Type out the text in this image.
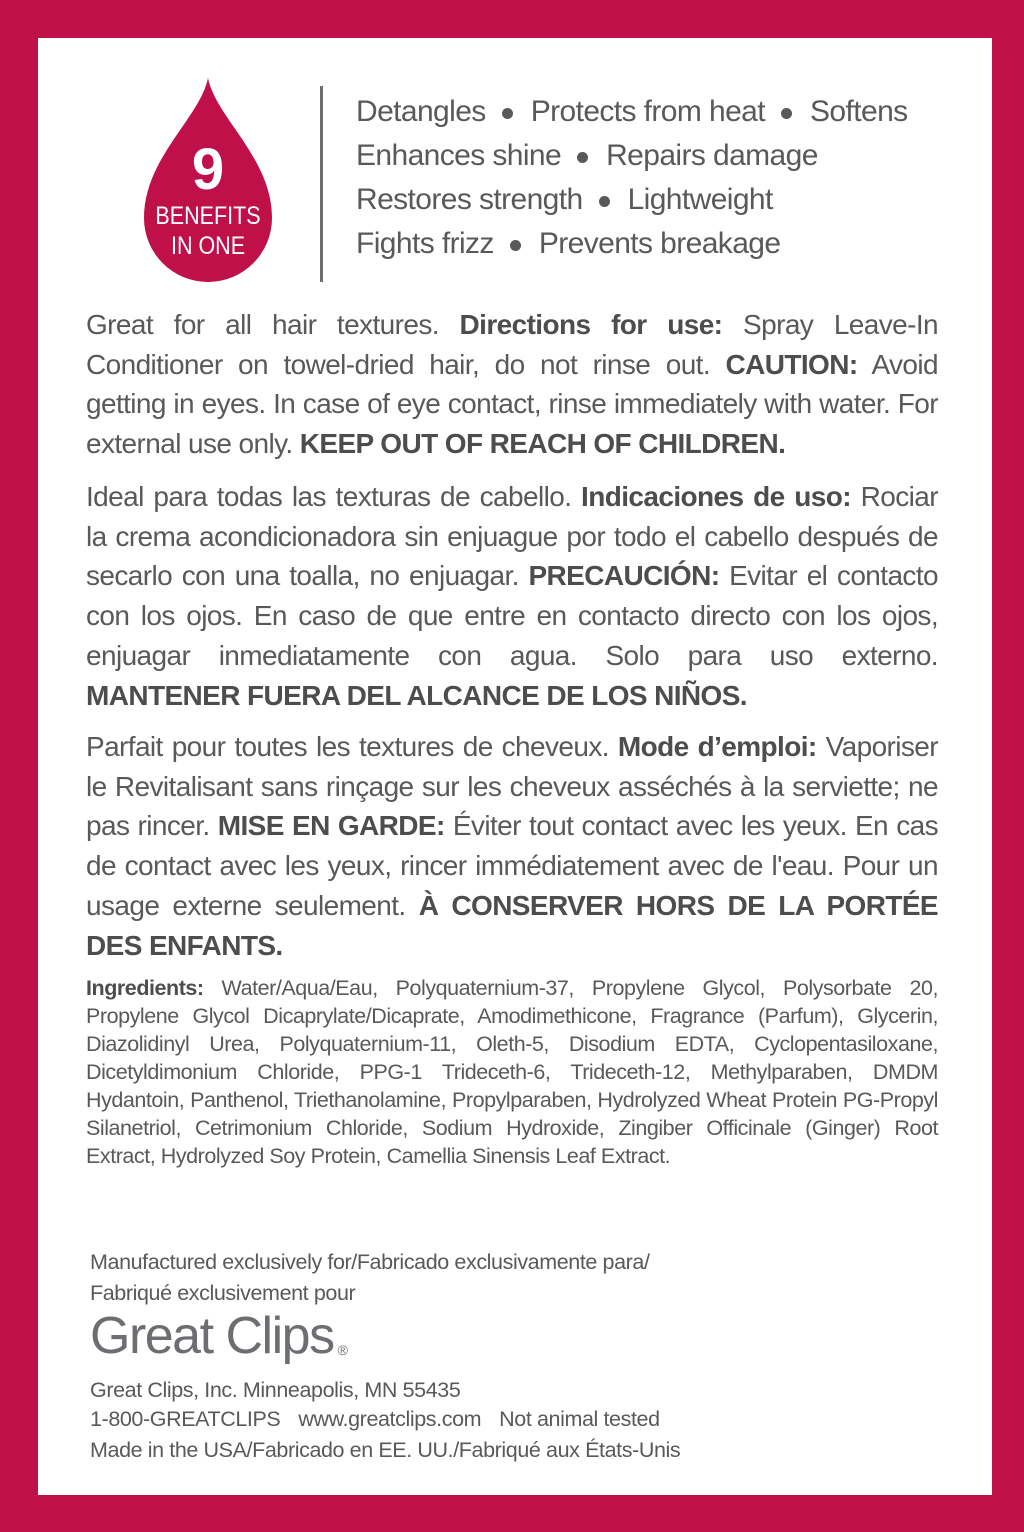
9
BENEFITS
IN ONE
Detangles Protects from heat Softens
Enhances shine Repairs damage
Restores strength Lightweight
Fights frizz Prevents breakage

Great for all hair textures. Directions for use: Spray Leave-In Conditioner on towel-dried hair, do not rinse out. CAUTION: Avoid getting in eyes. In case of eye contact, rinse immediately with water. For external use only. KEEP OUT OF REACH OF CHILDREN.

Ideal para todas las texturas de cabello. Indicaciones de uso: Rociar la crema acondicionadora sin enjuague por todo el cabello después de secarlo con una toalla, no enjuagar. PRECAUCIÓN: Evitar el contacto con los ojos. En caso de que entre en contacto directo con los ojos, enjuagar inmediatamente con agua. Solo para uso externo. MANTENER FUERA DEL ALCANCE DE LOS NIÑOS.

Parfait pour toutes les textures de cheveux. Mode d’emploi: Vaporiser le Revitalisant sans rinçage sur les cheveux asséchés à la serviette; ne pas rincer. MISE EN GARDE: Éviter tout contact avec les yeux. En cas de contact avec les yeux, rincer immédiatement avec de l'eau. Pour un usage externe seulement. À CONSERVER HORS DE LA PORTÉE DES ENFANTS.

Ingredients: Water/Aqua/Eau, Polyquaternium-37, Propylene Glycol, Polysorbate 20, Propylene Glycol Dicaprylate/Dicaprate, Amodimethicone, Fragrance (Parfum), Glycerin, Diazolidinyl Urea, Polyquaternium-11, Oleth-5, Disodium EDTA, Cyclopentasiloxane, Dicetyldimonium Chloride, PPG-1 Trideceth-6, Trideceth-12, Methylparaben, DMDM Hydantoin, Panthenol, Triethanolamine, Propylparaben, Hydrolyzed Wheat Protein PG-Propyl Silanetriol, Cetrimonium Chloride, Sodium Hydroxide, Zingiber Officinale (Ginger) Root Extract, Hydrolyzed Soy Protein, Camellia Sinensis Leaf Extract.

Manufactured exclusively for/Fabricado exclusivamente para/

Fabriqué exclusivement pour

Great Clips ®

Great Clips, Inc. Minneapolis, MN 55435

1-800-GREATCLIPS www.greatclips.com Not animal tested

Made in the USA/Fabricado en EE. UU./Fabriqué aux États-Unis
